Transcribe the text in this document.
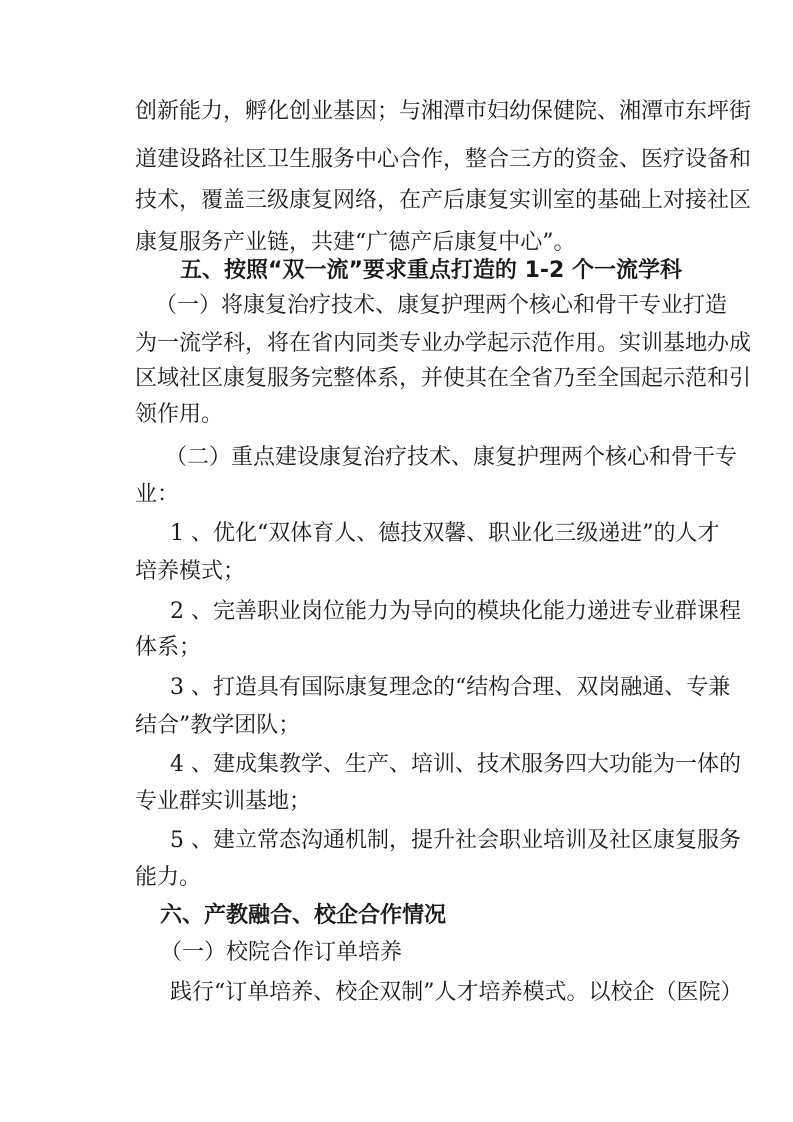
创新能力，孵化创业基因；与湘潭市妇幼保健院、湘潭市东坪街
道建设路社区卫生服务中心合作，整合三方的资金、医疗设备和
技术，覆盖三级康复网络，在产后康复实训室的基础上对接社区
康复服务产业链，共建“广德产后康复中心”。
五、按照“双一流”要求重点打造的 1-2 个一流学科
（一）将康复治疗技术、康复护理两个核心和骨干专业打造
为一流学科，将在省内同类专业办学起示范作用。实训基地办成
区域社区康复服务完整体系，并使其在全省乃至全国起示范和引
领作用。
（二）重点建设康复治疗技术、康复护理两个核心和骨干专
业：
1 、优化“双体育人、德技双馨、职业化三级递进”的人才
培养模式；
2 、完善职业岗位能力为导向的模块化能力递进专业群课程
体系；
3 、打造具有国际康复理念的“结构合理、双岗融通、专兼
结合”教学团队；
4 、建成集教学、生产、培训、技术服务四大功能为一体的
专业群实训基地；
5 、建立常态沟通机制，提升社会职业培训及社区康复服务
能力。
六、产教融合、校企合作情况
（一）校院合作订单培养
践行“订单培养、校企双制”人才培养模式。以校企（医院）
